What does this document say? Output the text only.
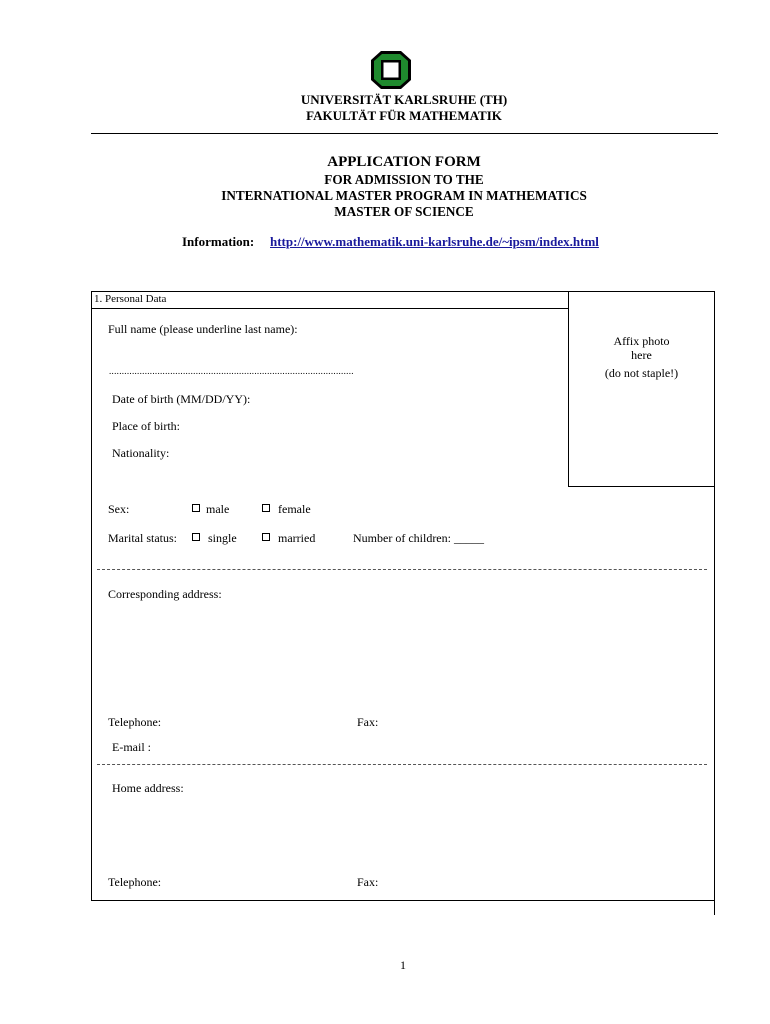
UNIVERSITÄT KARLSRUHE (TH)
FAKULTÄT FÜR MATHEMATIK
APPLICATION FORM
FOR ADMISSION TO THE
INTERNATIONAL MASTER PROGRAM IN MATHEMATICS
MASTER OF SCIENCE
Information: http://www.mathematik.uni-karlsruhe.de/~ipsm/index.html
1. Personal Data
Affix photo
here
(do not staple!)
Full name (please underline last name):
................................................................................................
Date of birth (MM/DD/YY):
Place of birth:
Nationality:
Sex:	male	female
Marital status:	single	married	Number of children: _____
Corresponding address:
Telephone:	Fax:
E-mail :
Home address:
Telephone:	Fax:
1
